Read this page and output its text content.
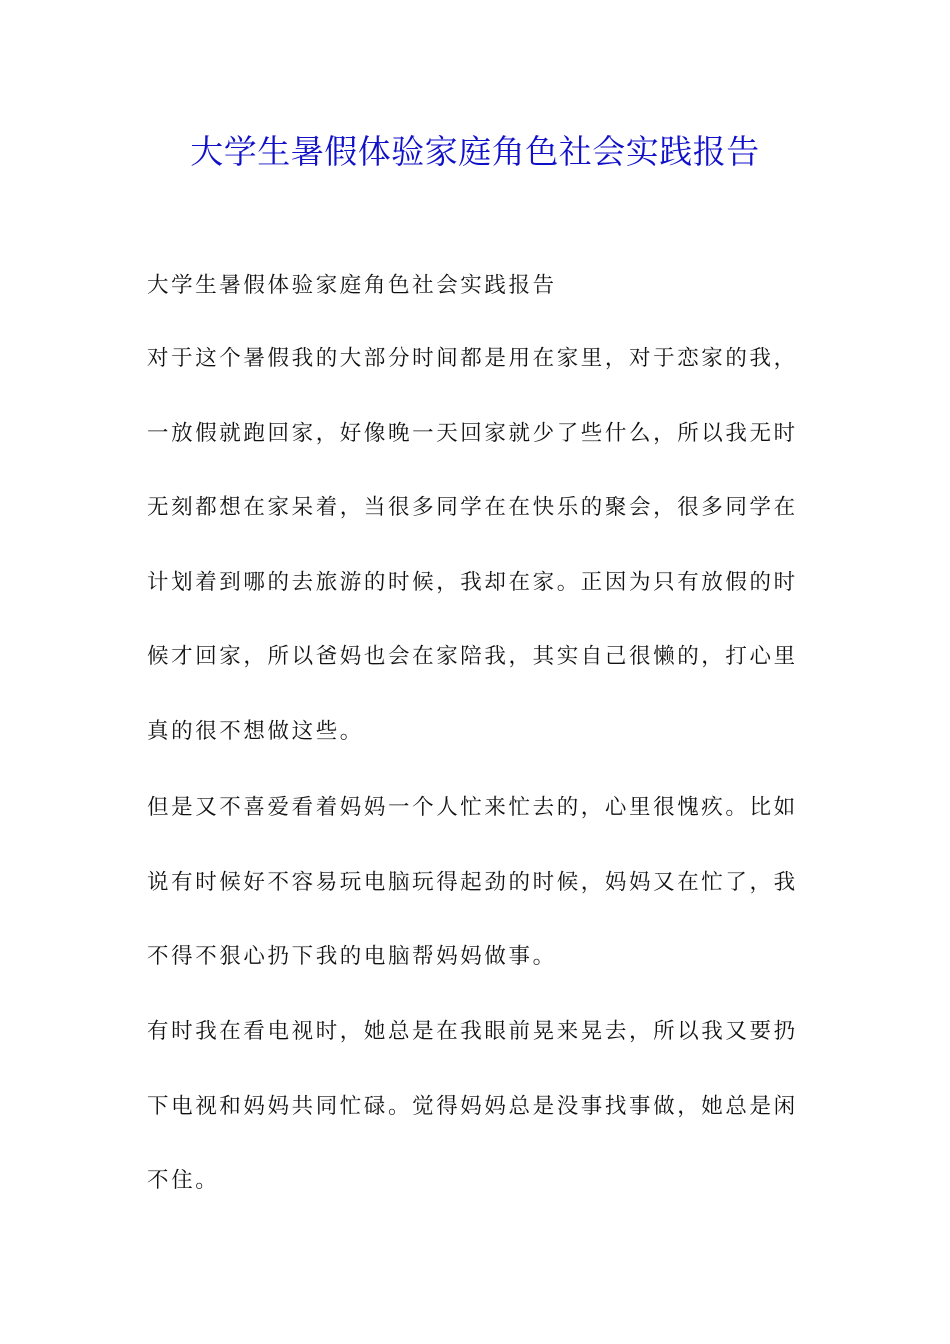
大学生暑假体验家庭角色社会实践报告

大学生暑假体验家庭角色社会实践报告

对于这个暑假我的大部分时间都是用在家里，对于恋家的我，一放假就跑回家，好像晚一天回家就少了些什么，所以我无时无刻都想在家呆着，当很多同学在在快乐的聚会，很多同学在计划着到哪的去旅游的时候，我却在家。正因为只有放假的时候才回家，所以爸妈也会在家陪我，其实自己很懒的，打心里真的很不想做这些。

但是又不喜爱看着妈妈一个人忙来忙去的，心里很愧疚。比如说有时候好不容易玩电脑玩得起劲的时候，妈妈又在忙了，我不得不狠心扔下我的电脑帮妈妈做事。

有时我在看电视时，她总是在我眼前晃来晃去，所以我又要扔下电视和妈妈共同忙碌。觉得妈妈总是没事找事做，她总是闲不住。
